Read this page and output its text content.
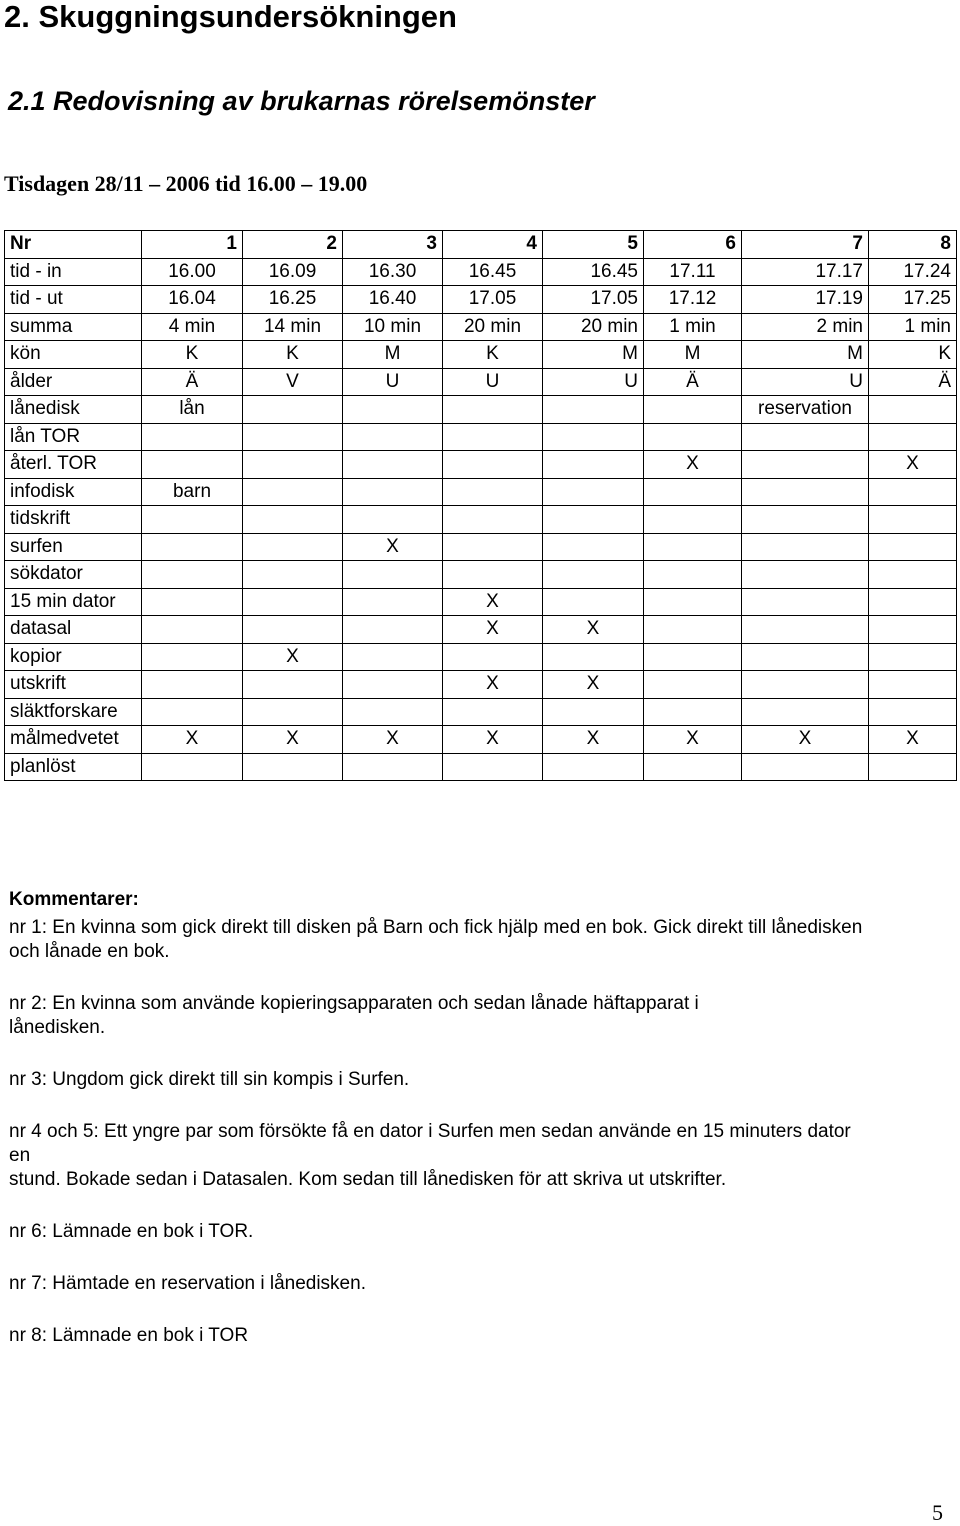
2. Skuggningsundersökningen
2.1 Redovisning av brukarnas rörelsemönster
Tisdagen 28/11 – 2006 tid 16.00 – 19.00
Nr	1	2	3	4	5	6	7	8
tid - in	16.00	16.09	16.30	16.45	16.45	17.11	17.17	17.24
tid - ut	16.04	16.25	16.40	17.05	17.05	17.12	17.19	17.25
summa	4 min	14 min	10 min	20 min	20 min	1 min	2 min	1 min
kön	K	K	M	K	M	M	M	K
ålder	Ä	V	U	U	U	Ä	U	Ä
lånedisk	lån						reservation	
lån TOR								
återl. TOR						X		X
infodisk	barn							
tidskrift								
surfen			X					
sökdator								
15 min dator				X				
datasal				X	X			
kopior		X						
utskrift				X	X			
släktforskare								
målmedvetet	X	X	X	X	X	X	X	X
planlöst								
Kommentarer:

nr 1: En kvinna som gick direkt till disken på Barn och fick hjälp med en bok. Gick direkt till lånedisken
och lånade en bok.

nr 2: En kvinna som använde kopieringsapparaten och sedan lånade häftapparat i
lånedisken.

nr 3: Ungdom gick direkt till sin kompis i Surfen.

nr 4 och 5: Ett yngre par som försökte få en dator i Surfen men sedan använde en 15 minuters dator
en
stund. Bokade sedan i Datasalen. Kom sedan till lånedisken för att skriva ut utskrifter.

nr 6: Lämnade en bok i TOR.

nr 7: Hämtade en reservation i lånedisken.

nr 8: Lämnade en bok i TOR

5
